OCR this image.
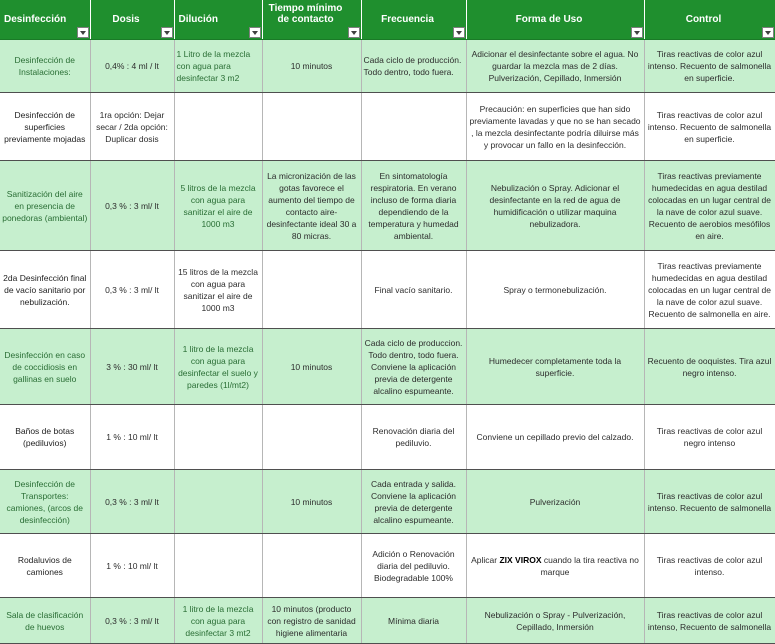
Desinfección	Dosis	Dilución	Tiempo mínimo de contacto	Frecuencia	Forma de Uso	Control

Desinfección de Instalaciones:	0,4% : 4 ml / lt	1 Litro de la mezcla con agua para desinfectar 3 m2	10 minutos	Cada ciclo de producción. Todo dentro, todo fuera.	Adicionar el desinfectante sobre el agua. No guardar la mezcla mas de 2 días. Pulverización, Cepillado, Inmersión	Tiras reactivas de color azul intenso. Recuento de salmonella en superficie.
Desinfección de superficies previamente mojadas	1ra opción: Dejar secar / 2da opción: Duplicar dosis				Precaución: en superficies que han sido previamente lavadas y que no se han secado , la mezcla desinfectante podría diluirse más y provocar un fallo en la desinfección.	Tiras reactivas de color azul intenso. Recuento de salmonella en superficie.
Sanitización del aire en presencia de ponedoras (ambiental)	0,3 % : 3 ml/ lt	5 litros de la mezcla con agua para sanitizar el aire de 1000 m3	La micronización de las gotas favorece el aumento del tiempo de contacto aire-desinfectante ideal 30 a 80 micras.	En sintomatología respiratoria. En verano incluso de forma diaria dependiendo de la temperatura y humedad ambiental.	Nebulización o Spray. Adicionar el desinfectante en la red de agua de humidificación o utilizar maquina nebulizadora.	Tiras reactivas previamente humedecidas en agua destilad colocadas en un lugar central de la nave de color azul suave. Recuento de aerobios mesófilos en aire.
2da Desinfección final de vacío sanitario por nebulización.	0,3 % : 3 ml/ lt	15 litros de la mezcla con agua para sanitizar el aire de 1000 m3		Final vacío sanitario.	Spray o termonebulización.	Tiras reactivas previamente humedecidas en agua destilad colocadas en un lugar central de la nave de color azul suave. Recuento de salmonella en aire.
Desinfección en caso de coccidiosis en gallinas en suelo	3 % : 30 ml/ lt	1 litro de la mezcla con agua para desinfectar el suelo y paredes (1l/mt2)	10 minutos	Cada ciclo de produccion. Todo dentro, todo fuera. Conviene la aplicación previa de detergente alcalino espumeante.	Humedecer completamente toda la superficie.	Recuento de ooquistes. Tira azul negro intenso.
Baños de botas (pediluvios)	1 % : 10 ml/ lt			Renovación diaria del pediluvio.	Conviene un cepillado previo del calzado.	Tiras reactivas de color azul negro intenso
Desinfección de Transportes: camiones, (arcos de desinfección)	0,3 % : 3 ml/ lt		10 minutos	Cada entrada y salida. Conviene la aplicación previa de detergente alcalino espumeante.	Pulverización	Tiras reactivas de color azul intenso. Recuento de salmonella
Rodaluvios de camiones	1 % : 10 ml/ lt			Adición o Renovación diaria del pediluvio. Biodegradable 100%	Aplicar ZIX VIROX cuando la tira reactiva no marque	Tiras reactivas de color azul intenso.
Sala de clasificación de huevos	0,3 % : 3 ml/ lt	1 litro de la mezcla con agua para desinfectar 3 mt2	10 minutos (producto con registro de sanidad higiene alimentaria	Mínima diaria	Nebulización o Spray - Pulverización, Cepillado, Inmersión	Tiras reactivas de color azul intenso, Recuento de salmonella
